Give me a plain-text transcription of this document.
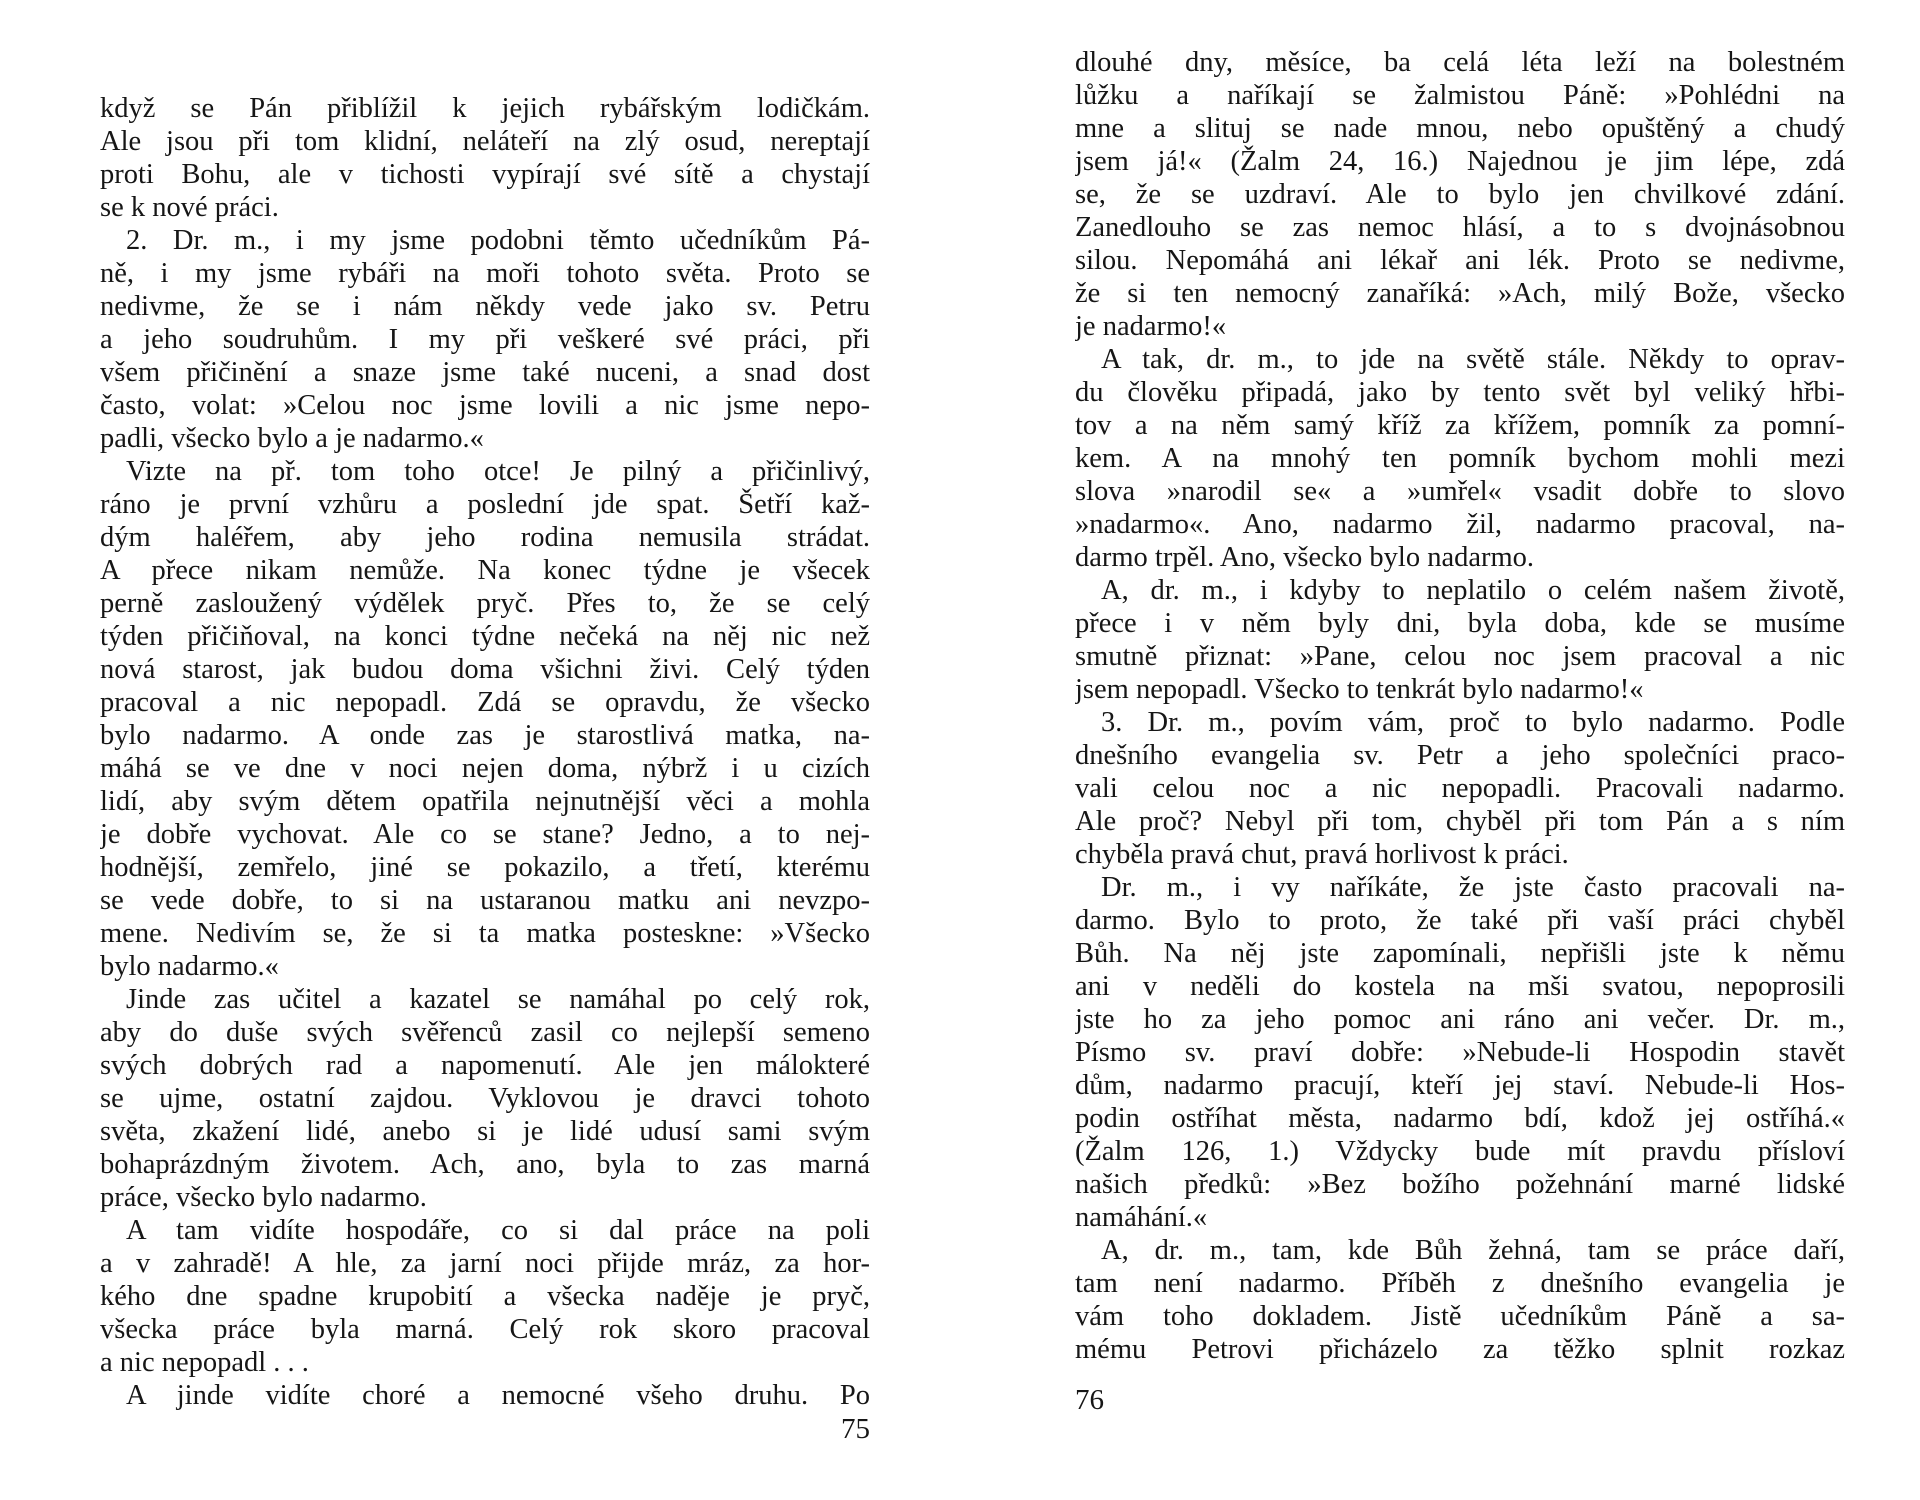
když se Pán přiblížil k jejich rybářským lodičkám.
Ale jsou při tom klidní, neláteří na zlý osud, nereptají
proti Bohu, ale v tichosti vypírají své sítě a chystají
se k nové práci.
2. Dr. m., i my jsme podobni těmto učedníkům Pá-
ně, i my jsme rybáři na moři tohoto světa. Proto se
nedivme, že se i nám někdy vede jako sv. Petru
a jeho soudruhům. I my při veškeré své práci, při
všem přičinění a snaze jsme také nuceni, a snad dost
často, volat: »Celou noc jsme lovili a nic jsme nepo-
padli, všecko bylo a je nadarmo.«
Vizte na př. tom toho otce! Je pilný a přičinlivý,
ráno je první vzhůru a poslední jde spat. Šetří kaž-
dým haléřem, aby jeho rodina nemusila strádat.
A přece nikam nemůže. Na konec týdne je všecek
perně zasloužený výdělek pryč. Přes to, že se celý
týden přičiňoval, na konci týdne nečeká na něj nic než
nová starost, jak budou doma všichni živi. Celý týden
pracoval a nic nepopadl. Zdá se opravdu, že všecko
bylo nadarmo. A onde zas je starostlivá matka, na-
máhá se ve dne v noci nejen doma, nýbrž i u cizích
lidí, aby svým dětem opatřila nejnutnější věci a mohla
je dobře vychovat. Ale co se stane? Jedno, a to nej-
hodnější, zemřelo, jiné se pokazilo, a třetí, kterému
se vede dobře, to si na ustaranou matku ani nevzpo-
mene. Nedivím se, že si ta matka posteskne: »Všecko
bylo nadarmo.«
Jinde zas učitel a kazatel se namáhal po celý rok,
aby do duše svých svěřenců zasil co nejlepší semeno
svých dobrých rad a napomenutí. Ale jen málokteré
se ujme, ostatní zajdou. Vyklovou je dravci tohoto
světa, zkažení lidé, anebo si je lidé udusí sami svým
bohaprázdným životem. Ach, ano, byla to zas marná
práce, všecko bylo nadarmo.
A tam vidíte hospodáře, co si dal práce na poli
a v zahradě! A hle, za jarní noci přijde mráz, za hor-
kého dne spadne krupobití a všecka naděje je pryč,
všecka práce byla marná. Celý rok skoro pracoval
a nic nepopadl . . .
A jinde vidíte choré a nemocné všeho druhu. Po
75
dlouhé dny, měsíce, ba celá léta leží na bolestném
lůžku a naříkají se žalmistou Páně: »Pohlédni na
mne a slituj se nade mnou, nebo opuštěný a chudý
jsem já!« (Žalm 24, 16.) Najednou je jim lépe, zdá
se, že se uzdraví. Ale to bylo jen chvilkové zdání.
Zanedlouho se zas nemoc hlásí, a to s dvojnásobnou
silou. Nepomáhá ani lékař ani lék. Proto se nedivme,
že si ten nemocný zanaříká: »Ach, milý Bože, všecko
je nadarmo!«
A tak, dr. m., to jde na světě stále. Někdy to oprav-
du člověku připadá, jako by tento svět byl veliký hřbi-
tov a na něm samý kříž za křížem, pomník za pomní-
kem. A na mnohý ten pomník bychom mohli mezi
slova »narodil se« a »umřel« vsadit dobře to slovo
»nadarmo«. Ano, nadarmo žil, nadarmo pracoval, na-
darmo trpěl. Ano, všecko bylo nadarmo.
A, dr. m., i kdyby to neplatilo o celém našem životě,
přece i v něm byly dni, byla doba, kde se musíme
smutně přiznat: »Pane, celou noc jsem pracoval a nic
jsem nepopadl. Všecko to tenkrát bylo nadarmo!«
3. Dr. m., povím vám, proč to bylo nadarmo. Podle
dnešního evangelia sv. Petr a jeho společníci praco-
vali celou noc a nic nepopadli. Pracovali nadarmo.
Ale proč? Nebyl při tom, chyběl při tom Pán a s ním
chyběla pravá chut, pravá horlivost k práci.
Dr. m., i vy naříkáte, že jste často pracovali na-
darmo. Bylo to proto, že také při vaší práci chyběl
Bůh. Na něj jste zapomínali, nepřišli jste k němu
ani v neděli do kostela na mši svatou, nepoprosili
jste ho za jeho pomoc ani ráno ani večer. Dr. m.,
Písmo sv. praví dobře: »Nebude-li Hospodin stavět
dům, nadarmo pracují, kteří jej staví. Nebude-li Hos-
podin ostříhat města, nadarmo bdí, kdož jej ostříhá.«
(Žalm 126, 1.) Vždycky bude mít pravdu přísloví
našich předků: »Bez božího požehnání marné lidské
namáhání.«
A, dr. m., tam, kde Bůh žehná, tam se práce daří,
tam není nadarmo. Příběh z dnešního evangelia je
vám toho dokladem. Jistě učedníkům Páně a sa-
mému Petrovi přicházelo za těžko splnit rozkaz
76
